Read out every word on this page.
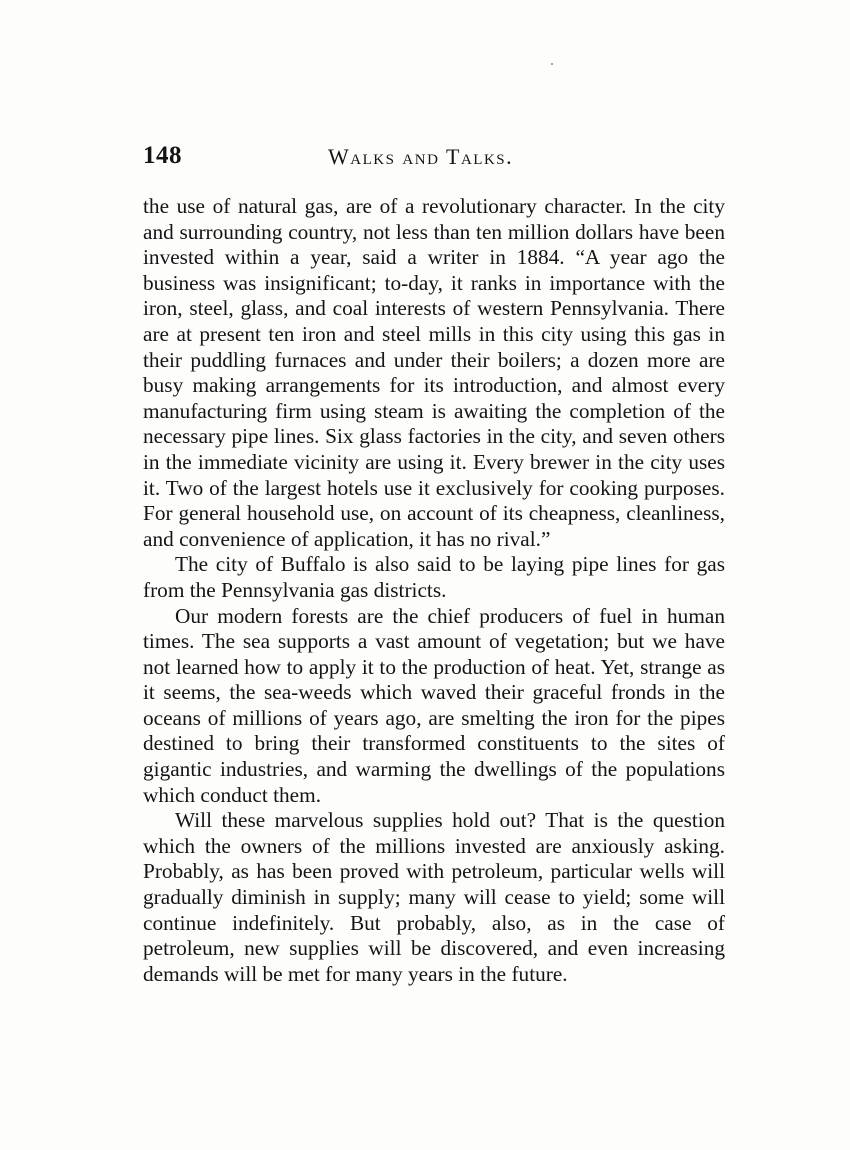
148	Walks and Talks.

the use of natural gas, are of a revolutionary character. In the city and surrounding country, not less than ten million dollars have been invested within a year, said a writer in 1884. “A year ago the business was insignificant; to-day, it ranks in importance with the iron, steel, glass, and coal interests of western Pennsylvania. There are at present ten iron and steel mills in this city using this gas in their puddling furnaces and under their boilers; a dozen more are busy making arrangements for its introduction, and almost every manufacturing firm using steam is awaiting the completion of the necessary pipe lines. Six glass factories in the city, and seven others in the immediate vicinity are using it. Every brewer in the city uses it. Two of the largest hotels use it exclusively for cooking purposes. For general household use, on account of its cheapness, cleanliness, and convenience of application, it has no rival.”

The city of Buffalo is also said to be laying pipe lines for gas from the Pennsylvania gas districts.

Our modern forests are the chief producers of fuel in human times. The sea supports a vast amount of vegetation; but we have not learned how to apply it to the production of heat. Yet, strange as it seems, the sea-weeds which waved their graceful fronds in the oceans of millions of years ago, are smelting the iron for the pipes destined to bring their transformed constituents to the sites of gigantic industries, and warming the dwellings of the populations which conduct them.

Will these marvelous supplies hold out? That is the question which the owners of the millions invested are anxiously asking. Probably, as has been proved with petroleum, particular wells will gradually diminish in supply; many will cease to yield; some will continue indefinitely. But probably, also, as in the case of petroleum, new supplies will be discovered, and even increasing demands will be met for many years in the future.
